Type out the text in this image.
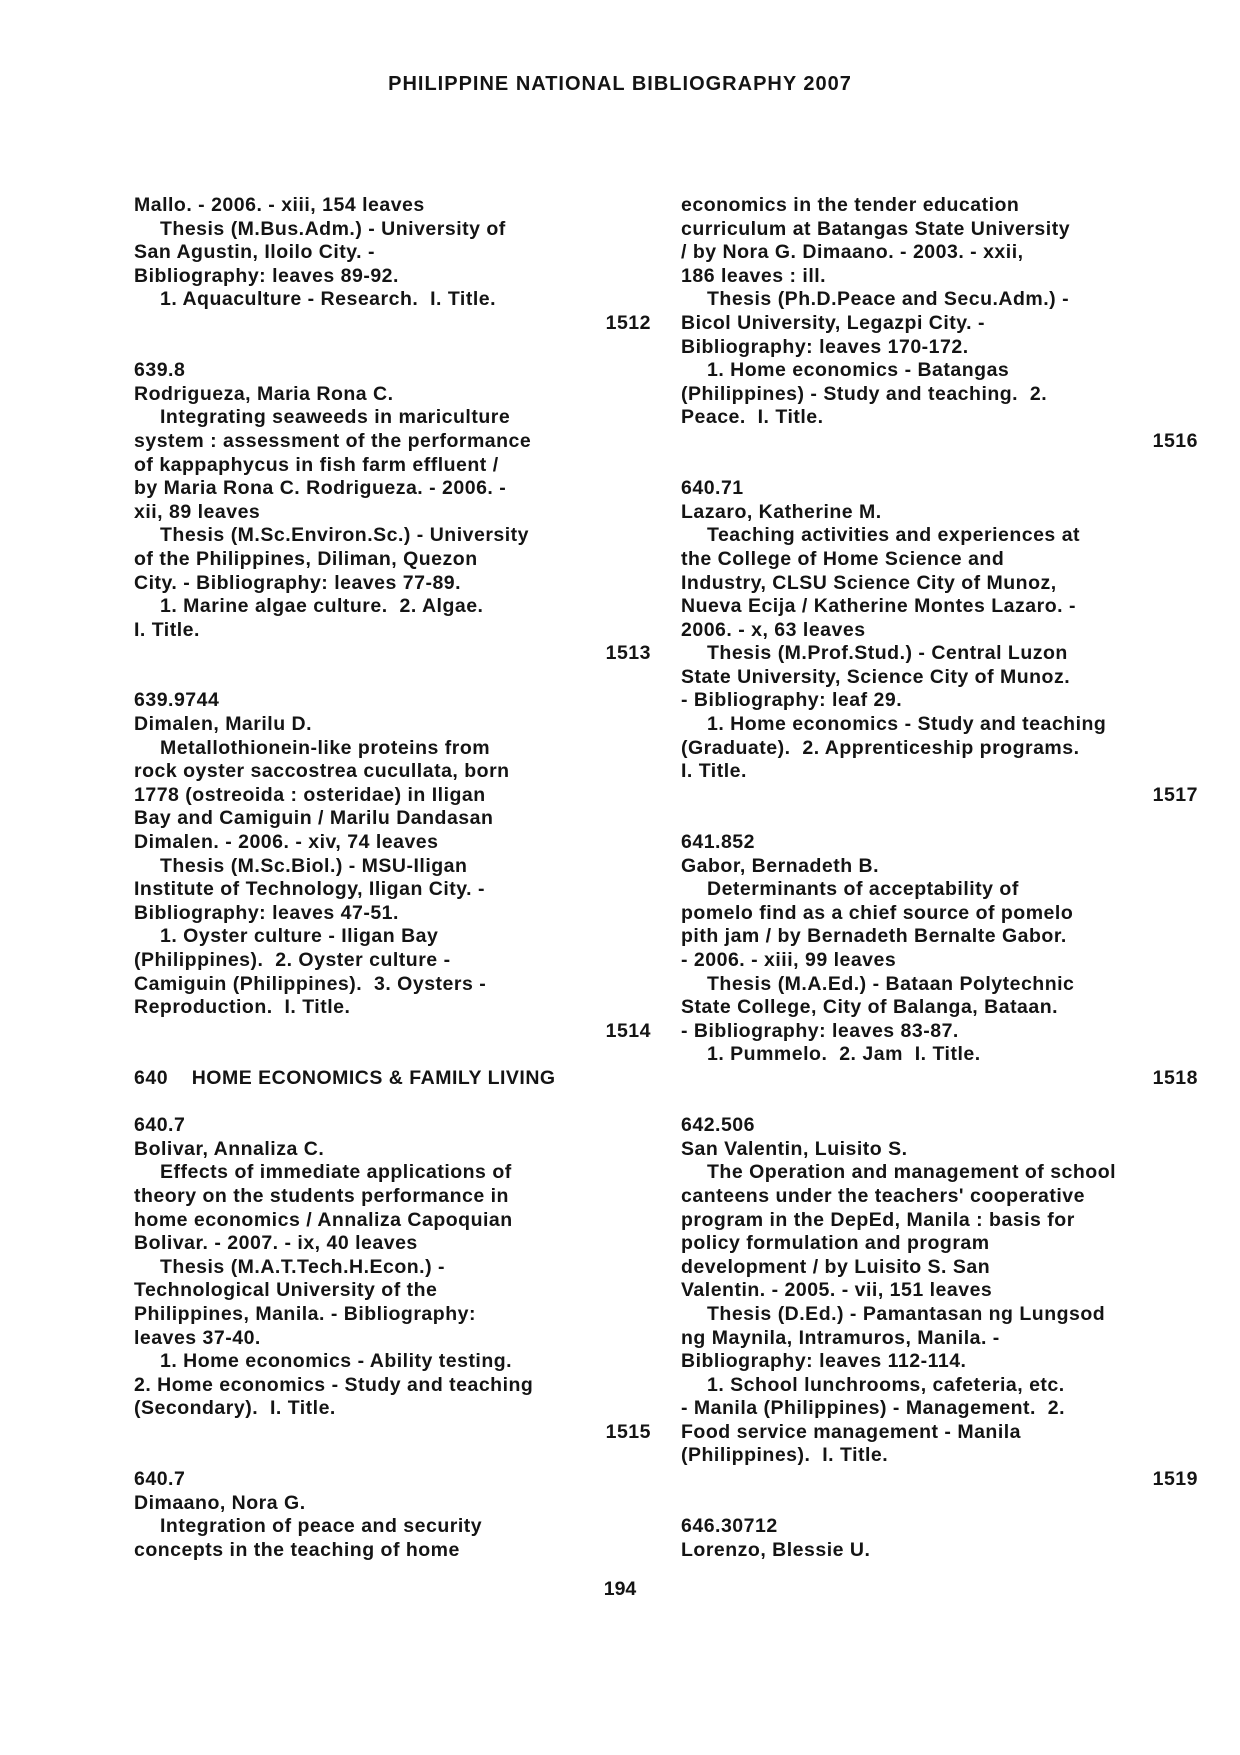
PHILIPPINE NATIONAL BIBLIOGRAPHY 2007
Mallo. - 2006. - xiii, 154 leaves
Thesis (M.Bus.Adm.) - University of
San Agustin, Iloilo City. -
Bibliography: leaves 89-92.
1. Aquaculture - Research.  I. Title.
1512
639.8
Rodrigueza, Maria Rona C.
Integrating seaweeds in mariculture
system : assessment of the performance
of kappaphycus in fish farm effluent /
by Maria Rona C. Rodrigueza. - 2006. -
xii, 89 leaves
Thesis (M.Sc.Environ.Sc.) - University
of the Philippines, Diliman, Quezon
City. - Bibliography: leaves 77-89.
1. Marine algae culture.  2. Algae.
I. Title.
1513
639.9744
Dimalen, Marilu D.
Metallothionein-like proteins from
rock oyster saccostrea cucullata, born
1778 (ostreoida : osteridae) in Iligan
Bay and Camiguin / Marilu Dandasan
Dimalen. - 2006. - xiv, 74 leaves
Thesis (M.Sc.Biol.) - MSU-Iligan
Institute of Technology, Iligan City. -
Bibliography: leaves 47-51.
1. Oyster culture - Iligan Bay
(Philippines).  2. Oyster culture -
Camiguin (Philippines).  3. Oysters -
Reproduction.  I. Title.
1514
640    HOME ECONOMICS & FAMILY LIVING
640.7
Bolivar, Annaliza C.
Effects of immediate applications of
theory on the students performance in
home economics / Annaliza Capoquian
Bolivar. - 2007. - ix, 40 leaves
Thesis (M.A.T.Tech.H.Econ.) -
Technological University of the
Philippines, Manila. - Bibliography:
leaves 37-40.
1. Home economics - Ability testing.
2. Home economics - Study and teaching
(Secondary).  I. Title.
1515
640.7
Dimaano, Nora G.
Integration of peace and security
concepts in the teaching of home
economics in the tender education
curriculum at Batangas State University
/ by Nora G. Dimaano. - 2003. - xxii,
186 leaves : ill.
Thesis (Ph.D.Peace and Secu.Adm.) -
Bicol University, Legazpi City. -
Bibliography: leaves 170-172.
1. Home economics - Batangas
(Philippines) - Study and teaching.  2.
Peace.  I. Title.
1516
640.71
Lazaro, Katherine M.
Teaching activities and experiences at
the College of Home Science and
Industry, CLSU Science City of Munoz,
Nueva Ecija / Katherine Montes Lazaro. -
2006. - x, 63 leaves
Thesis (M.Prof.Stud.) - Central Luzon
State University, Science City of Munoz.
- Bibliography: leaf 29.
1. Home economics - Study and teaching
(Graduate).  2. Apprenticeship programs.
I. Title.
1517
641.852
Gabor, Bernadeth B.
Determinants of acceptability of
pomelo find as a chief source of pomelo
pith jam / by Bernadeth Bernalte Gabor.
- 2006. - xiii, 99 leaves
Thesis (M.A.Ed.) - Bataan Polytechnic
State College, City of Balanga, Bataan.
- Bibliography: leaves 83-87.
1. Pummelo.  2. Jam  I. Title.
1518
642.506
San Valentin, Luisito S.
The Operation and management of school
canteens under the teachers' cooperative
program in the DepEd, Manila : basis for
policy formulation and program
development / by Luisito S. San
Valentin. - 2005. - vii, 151 leaves
Thesis (D.Ed.) - Pamantasan ng Lungsod
ng Maynila, Intramuros, Manila. -
Bibliography: leaves 112-114.
1. School lunchrooms, cafeteria, etc.
- Manila (Philippines) - Management.  2.
Food service management - Manila
(Philippines).  I. Title.
1519
646.30712
Lorenzo, Blessie U.
194
